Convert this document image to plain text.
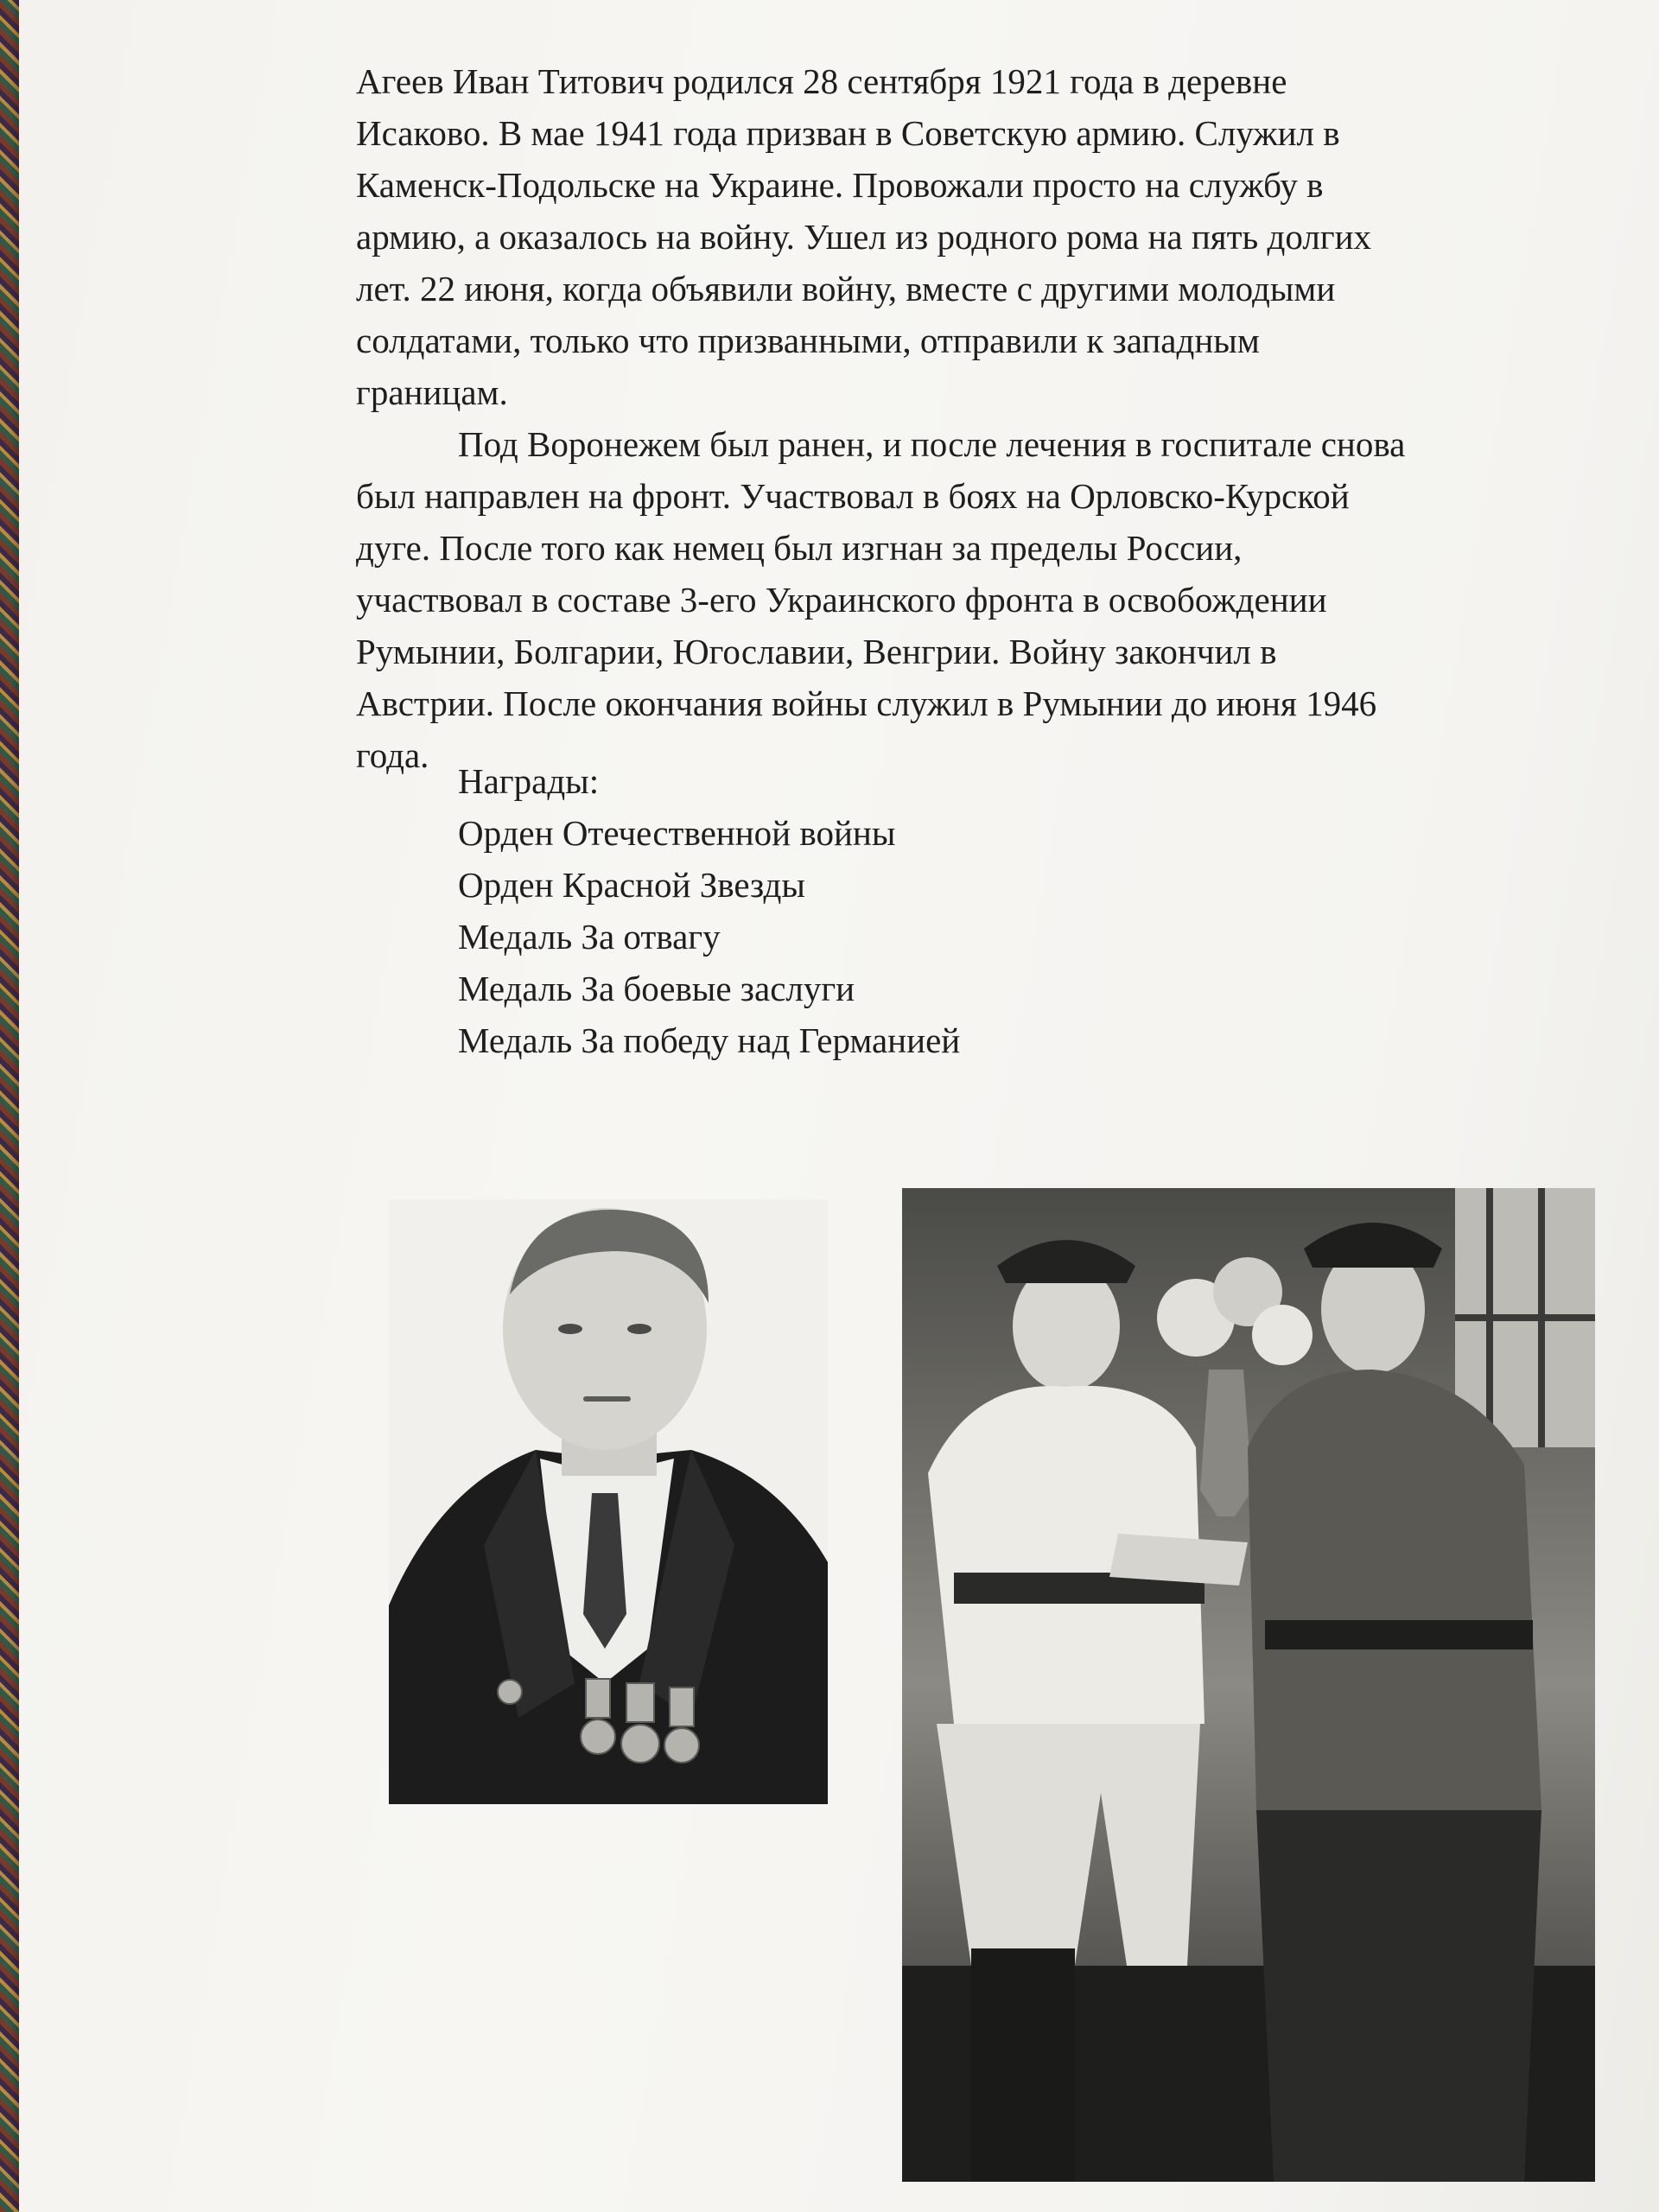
Агеев Иван Титович родился 28 сентября 1921 года в деревне
Исаково. В мае 1941 года призван в Советскую армию. Служил в
Каменск-Подольске на Украине. Провожали просто на службу в
армию, а оказалось на войну. Ушел из родного рома на пять долгих
лет. 22 июня, когда объявили войну, вместе с другими молодыми
солдатами, только что призванными, отправили к западным
границам.
Под Воронежем был ранен, и после лечения в госпитале снова
был направлен на фронт. Участвовал в боях на Орловско-Курской
дуге. После того как немец был изгнан за пределы России,
участвовал в составе 3-его Украинского фронта в освобождении
Румынии, Болгарии, Югославии, Венгрии. Войну закончил в
Австрии. После окончания войны служил в Румынии до июня 1946
года.
Награды:
Орден Отечественной войны
Орден Красной Звезды
Медаль За отвагу
Медаль За боевые заслуги
Медаль За победу над Германией
